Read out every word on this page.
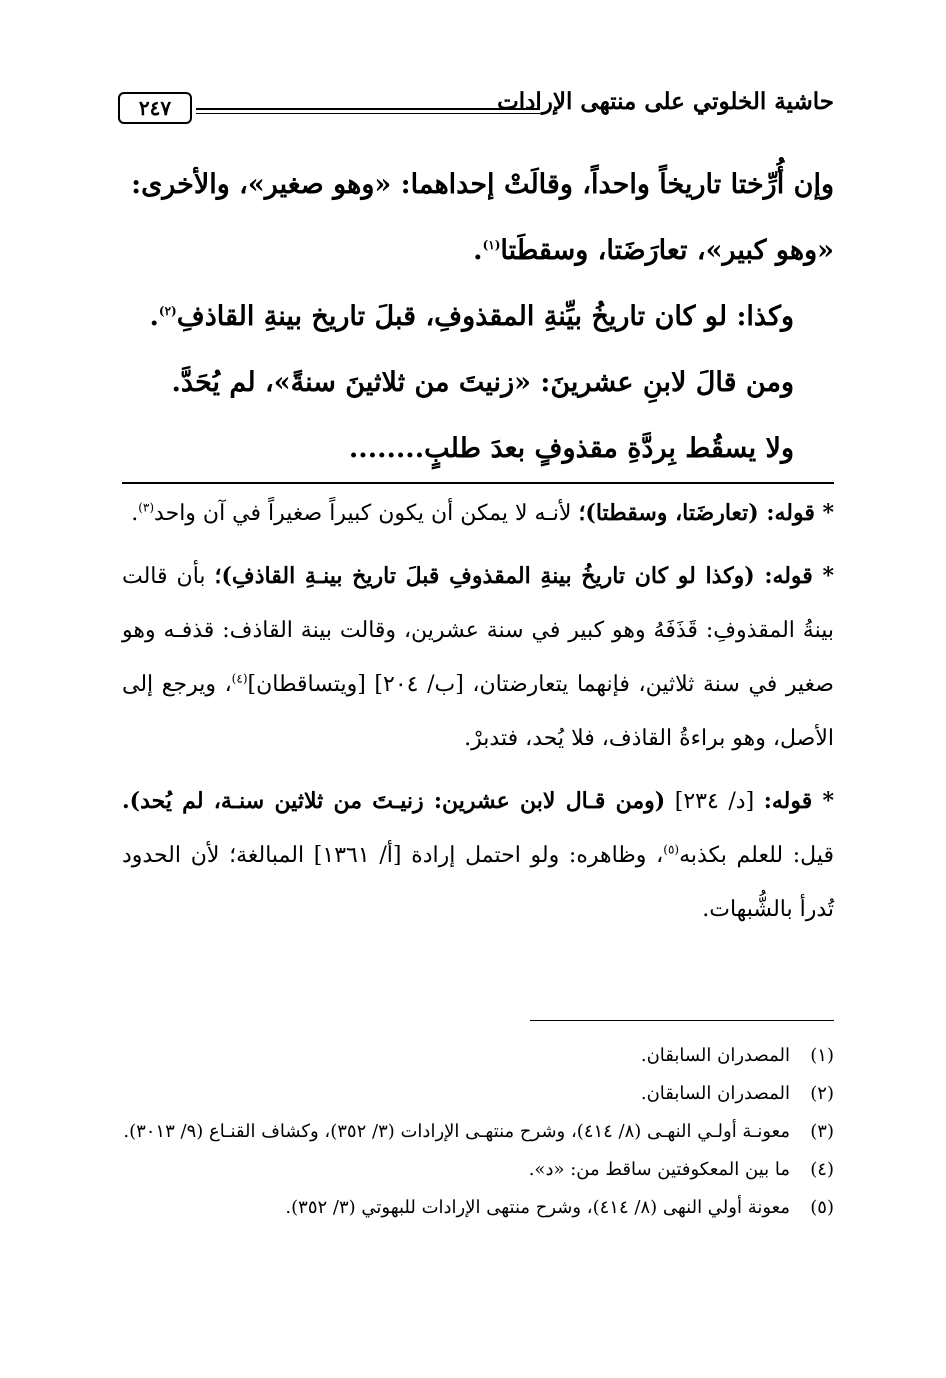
حاشية الخلوتي على منتهى الإرادات
٢٤٧

وإن أُرِّختا تاريخاً واحداً، وقالَتْ إحداهما: «وهو صغير»، والأخرى:

«وهو كبير»، تعارَضَتا، وسقطَتا$^{(١)}$.

وكذا: لو كان تاريخُ بيِّنةِ المقذوفِ، قبلَ تاريخ بينةِ القاذفِ$^{(٢)}$.

ومن قالَ لابنِ عشرينَ: «زنيتَ من ثلاثينَ سنةً»، لم يُحَدَّ.

ولا يسقُط بِردَّةِ مقذوفٍ بعدَ طلبٍ........

* قوله: (تعارضَتا، وسقطتا)؛ لأنـه لا يمكن أن يكون كبيراً صغيراً في آن واحد$^{(٣)}$.

* قوله: (وكذا لو كان تاريخُ بينةِ المقذوفِ قبلَ تاريخ بينـةِ القاذفِ)؛ بأن قالت بينةُ المقذوفِ: قَذَفَهُ وهو كبير في سنة عشرين، وقالت بينة القاذف: قذفـه وهو صغير في سنة ثلاثين، فإنهما يتعارضتان، [ب/ ٢٠٤] [ويتساقطان]$^{(٤)}$، ويرجع إلى الأصل، وهو براءةُ القاذف، فلا يُحد، فتدبرْ.

* قوله: [د/ ٢٣٤] (ومن قـال لابن عشرين: زنيـتَ من ثلاثين سنـة، لم يُحد). قيل: للعلم بكذبه$^{(٥)}$، وظاهره: ولو احتمل إرادة [أ/ ١٣٦١] المبالغة؛ لأن الحدود تُدرأ بالشُّبهات.

(١)
المصدران السابقان.
(٢)
المصدران السابقان.
(٣)
معونـة أولـي النهـى (٨/ ٤١٤)، وشرح منتهـى الإرادات (٣/ ٣٥٢)، وكشاف القنـاع (٩/ ٣٠١٣).
(٤)
ما بين المعكوفتين ساقط من: «د».
(٥)
معونة أولي النهى (٨/ ٤١٤)، وشرح منتهى الإرادات للبهوتي (٣/ ٣٥٢).
